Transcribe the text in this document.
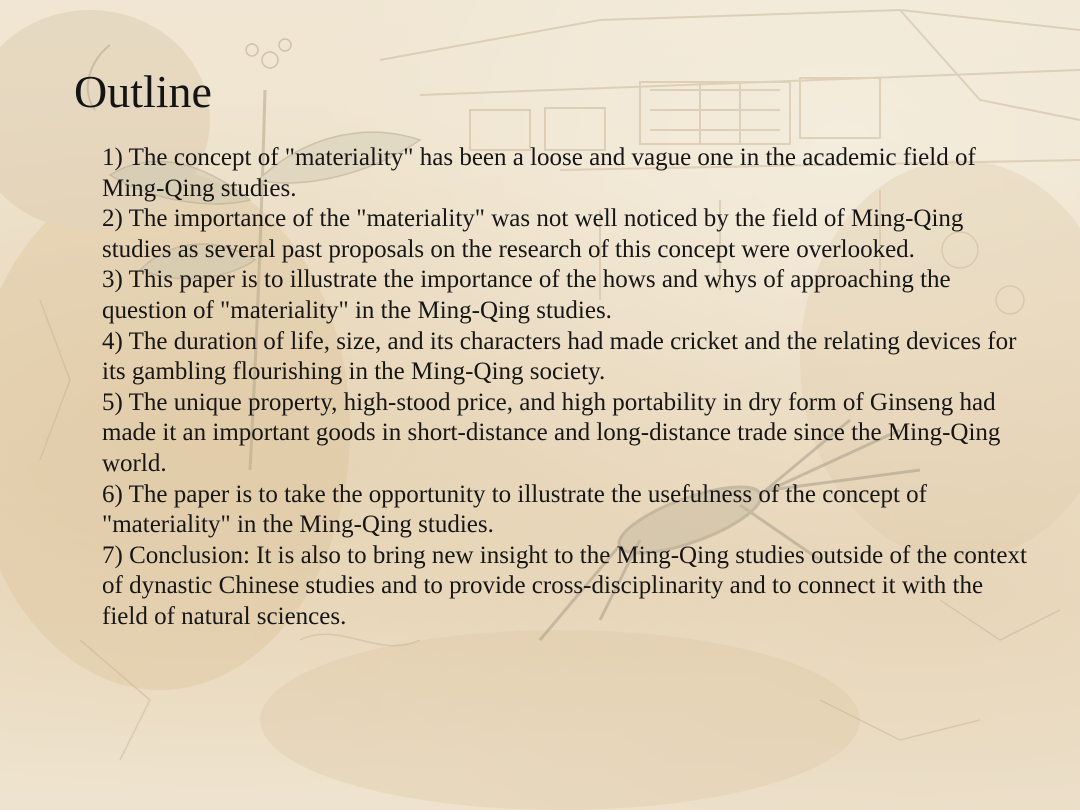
Outline
1) The concept of "materiality" has been a loose and vague one in the academic field of Ming-Qing studies.
2) The importance of the "materiality" was not well noticed by the field of Ming-Qing studies as several past proposals on the research of this concept were overlooked.
3) This paper is to illustrate the importance of the hows and whys of approaching the question of "materiality" in the Ming-Qing studies.
4) The duration of life, size, and its characters had made cricket and the relating devices for its gambling flourishing in the Ming-Qing society.
5) The unique property, high-stood price, and high portability in dry form of Ginseng had made it an important goods in short-distance and long-distance trade since the Ming-Qing world.
6) The paper is to take the opportunity to illustrate the usefulness of the concept of "materiality" in the Ming-Qing studies.
7) Conclusion: It is also to bring new insight to the Ming-Qing studies outside of the context of dynastic Chinese studies and to provide cross-disciplinarity and to connect it with the field of natural sciences.
